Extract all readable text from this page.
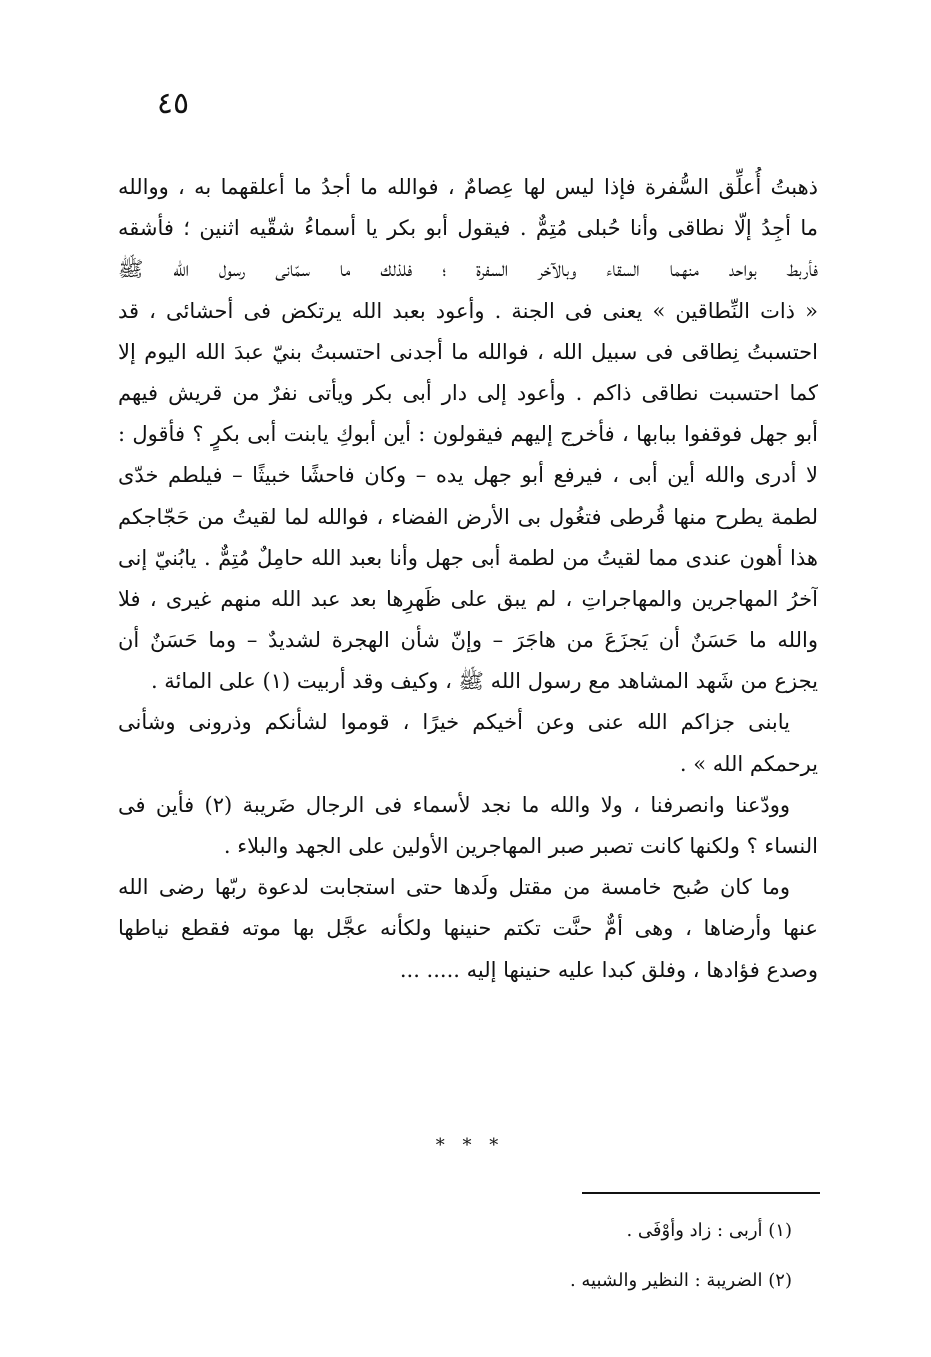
٤٥
ذهبتُ أُعلِّق السُّفرة فإذا ليس لها عِصامٌ ، فوالله ما أجدُ ما أعلقهما به ، ووالله
ما أجِدُ إلّا نطاقى وأنا حُبلى مُتِمٌّ . فيقول أبو بكر يا أسماءُ شقّيه اثنين ؛ فأشقه
فأربط بواحد منهما السقاء وبالآخر السفرة ؛ فلذلك ما سمّانى رسول الله ﷺ
« ذات النِّطاقين » يعنى فى الجنة . وأعود بعبد الله يرتكض فى أحشائى ، قد
احتسبتُ نِطاقى فى سبيل الله ، فوالله ما أجدنى احتسبتُ بنيّ عبدَ الله اليوم إلا
كما احتسبت نطاقى ذاكم . وأعود إلى دار أبى بكر ويأتى نفرٌ من قريش فيهم
أبو جهل فوقفوا ببابها ، فأخرج إليهم فيقولون : أين أبوكِ يابنت أبى بكرٍ ؟ فأقول :
لا أدرى والله أين أبى ، فيرفع أبو جهل يده – وكان فاحشًا خبيثًا – فيلطم خدّى
لطمة يطرح منها قُرطى فتغُول بى الأرض الفضاء ، فوالله لما لقيتُ من حَجّاجكم
هذا أهون عندى مما لقيتُ من لطمة أبى جهل وأنا بعبد الله حامِلٌ مُتِمٌّ . يابُنيّ إنى
آخرُ المهاجرين والمهاجراتِ ، لم يبق على ظَهرِها بعد عبد الله منهم غيرى ، فلا
والله ما حَسَنٌ أن يَجزَعَ من هاجَرَ – وإنّ شأن الهجرة لشديدٌ – وما حَسَنٌ أن
يجزع من شَهد المشاهد مع رسول الله ﷺ ، وكيف وقد أربيت (١) على المائة .
يابنى جزاكم الله عنى وعن أخيكم خيرًا ، قوموا لشأنكم وذرونى وشأنى
يرحمكم الله » .
وودّعنا وانصرفنا ، ولا والله ما نجد لأسماء فى الرجال ضَريبة (٢) فأين فى
النساء ؟ ولكنها كانت تصبر صبر المهاجرين الأولين على الجهد والبلاء .
وما كان صُبح خامسة من مقتل ولَدها حتى استجابت لدعوة ربّها رضى الله
عنها وأرضاها ، وهى أمٌّ حنَّت تكتم حنينها ولكأنه عجَّل بها موته فقطع نياطها
وصدع فؤادها ، وفلق كبدا عليه حنينها إليه ..... ...
* * *
(١) أربى : زاد وأوْفَى .
(٢) الضريبة : النظير والشبيه .
